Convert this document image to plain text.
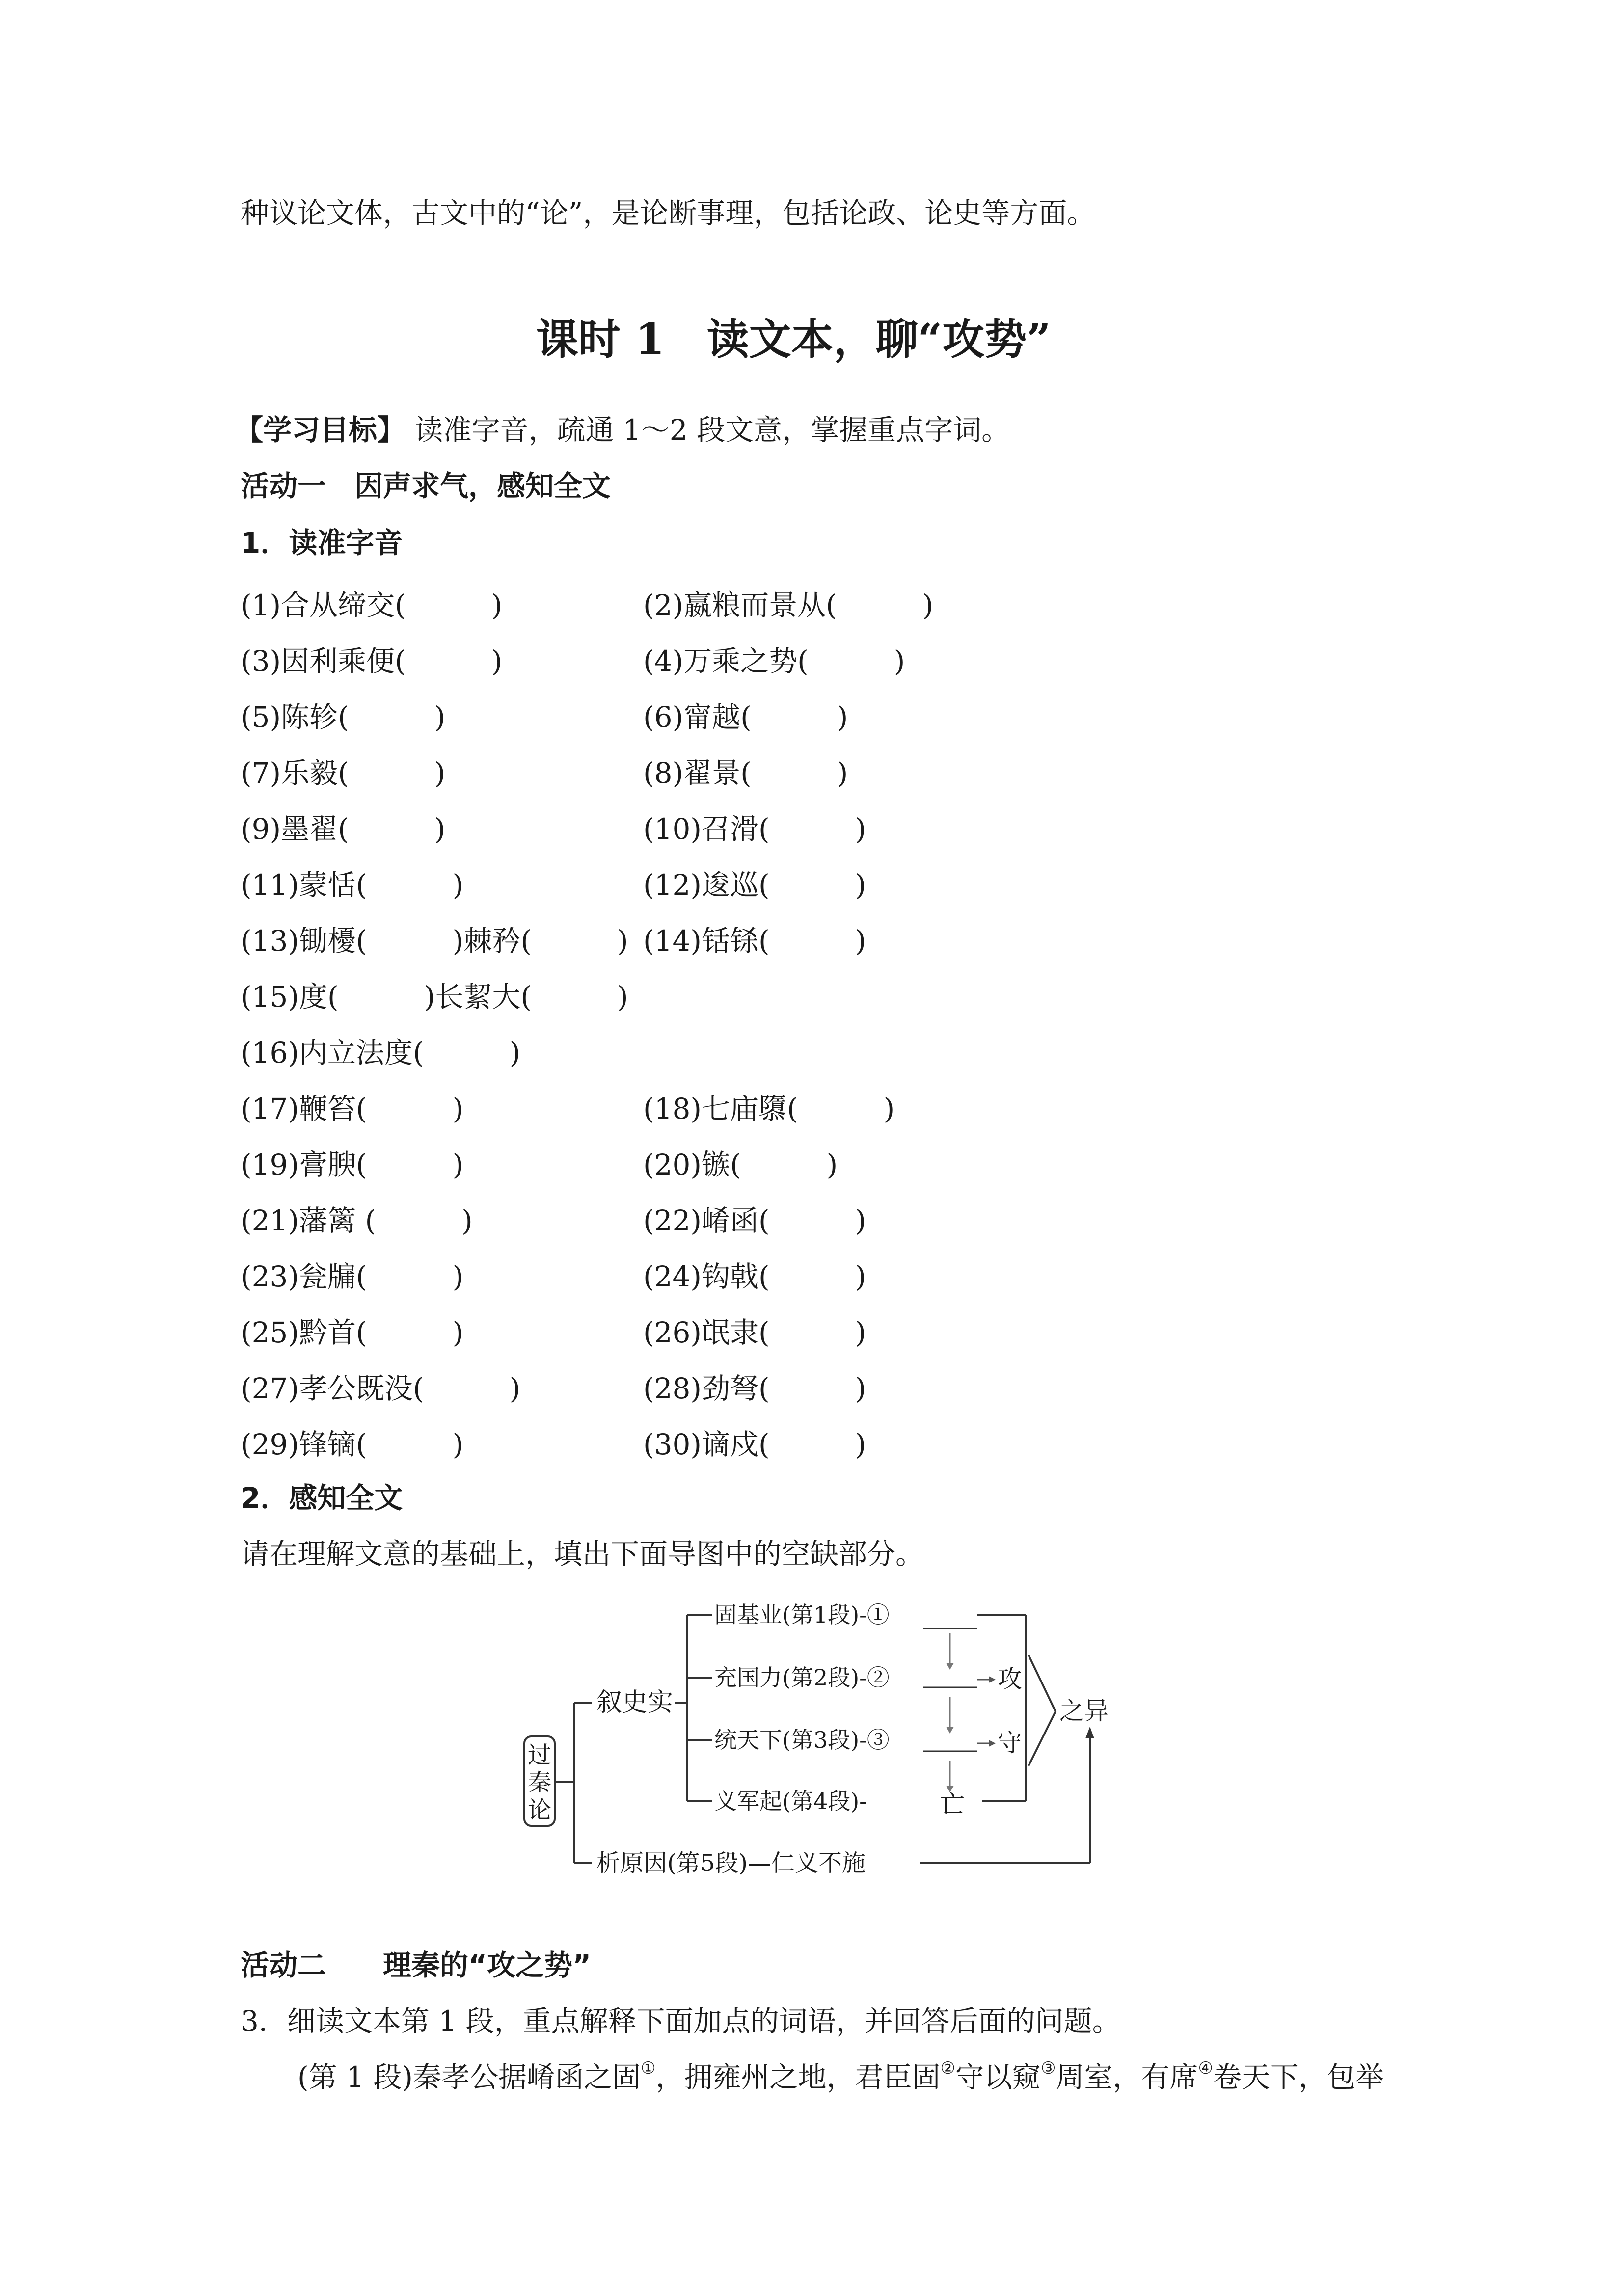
种议论文体，古文中的“论”，是论断事理，包括论政、论史等方面。
课时 1　读文本，聊“攻势”
【学习目标】 读准字音，疏通 1～2 段文意，掌握重点字词。
活动一　因声求气，感知全文
1．读准字音
(1)合从缔交(　　　)	(2)嬴粮而景从(　　　)
(3)因利乘便(　　　)	(4)万乘之势(　　　)
(5)陈轸(　　　)	(6)甯越(　　　)
(7)乐毅(　　　)	(8)翟景(　　　)
(9)墨翟(　　　)	(10)召滑(　　　)
(11)蒙恬(　　　)	(12)逡巡(　　　)
(13)锄櫌(　　　)棘矜(　　　) (14)铦铩(　　　)
(15)度(　　　)长絜大(　　　)
(16)内立法度(　　　)
(17)鞭笞(　　　)	(18)七庙隳(　　　)
(19)膏腴(　　　)	(20)镞(　　　)
(21)藩篱 (　　　)	(22)崤函(　　　)
(23)瓮牖(　　　)	(24)钩戟(　　　)
(25)黔首(　　　)	(26)氓隶(　　　)
(27)孝公既没(　　　)	(28)劲弩(　　　)
(29)锋镝(　　　)	(30)谪戍(　　　)
2．感知全文
请在理解文意的基础上，填出下面导图中的空缺部分。
过
秦
论
叙史实
固基业(第1段)-①
充国力(第2段)-②
统天下(第3段)-③
义军起(第4段)-
攻
守
亡
之异
析原因(第5段)—仁义不施
活动二　　理秦的“攻之势”
3．细读文本第 1 段，重点解释下面加点的词语，并回答后面的问题。
(第 1 段)秦孝公据崤函之固①，拥雍州之地，君臣固②守以窥③周室，有席④卷天下，包举
